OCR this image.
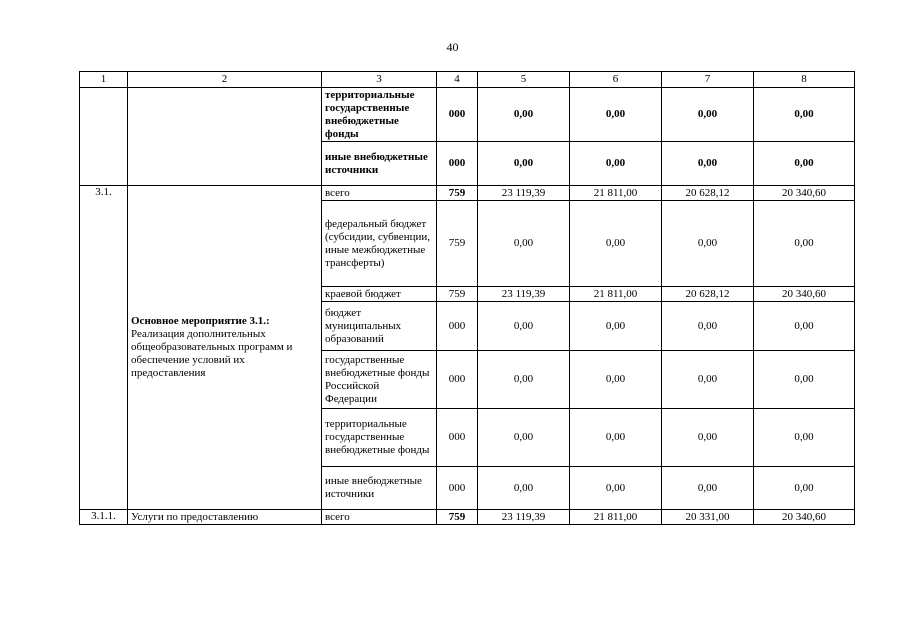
40
1	2	3	4	5	6	7	8
		территориальные государственные внебюджетные фонды	000	0,00	0,00	0,00	0,00
		иные внебюджетные источники	000	0,00	0,00	0,00	0,00
3.1.	Основное мероприятие 3.1.: Реализация дополнительных общеобразовательных программ и обеспечение условий их предоставления	всего	759	23 119,39	21 811,00	20 628,12	20 340,60
		федеральный бюджет (субсидии, субвенции, иные межбюджетные трансферты)	759	0,00	0,00	0,00	0,00
		краевой бюджет	759	23 119,39	21 811,00	20 628,12	20 340,60
		бюджет муниципальных образований	000	0,00	0,00	0,00	0,00
		государственные внебюджетные фонды Российской Федерации	000	0,00	0,00	0,00	0,00
		территориальные государственные внебюджетные фонды	000	0,00	0,00	0,00	0,00
		иные внебюджетные источники	000	0,00	0,00	0,00	0,00
3.1.1.	Услуги по предоставлению	всего	759	23 119,39	21 811,00	20 331,00	20 340,60
